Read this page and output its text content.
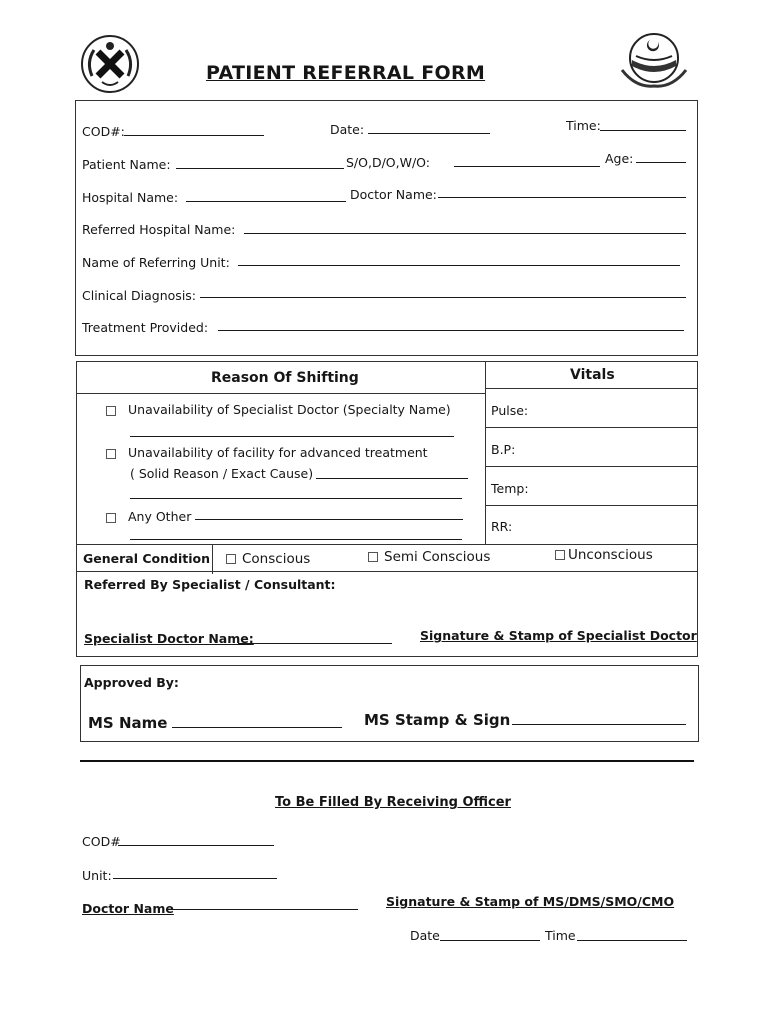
PATIENT REFERRAL FORM
COD#:	Date:	Time:
Patient Name:	S/O,D/O,W/O:	Age:
Hospital Name:	Doctor Name:
Referred Hospital Name:
Name of Referring Unit:
Clinical Diagnosis:
Treatment Provided:
Reason Of Shifting	Vitals
Unavailability of Specialist Doctor (Specialty Name)
Unavailability of facility for advanced treatment
( Solid Reason / Exact Cause)
Any Other
Pulse:
B.P:
Temp:
RR:
General Condition	Conscious	Semi Conscious	Unconscious
Referred By Specialist / Consultant:
Specialist Doctor Name:	Signature & Stamp of Specialist Doctor
Approved By:
MS Name	MS Stamp & Sign
To Be Filled By Receiving Officer
COD#
Unit:
Doctor Name	Signature & Stamp of MS/DMS/SMO/CMO
Date	Time
